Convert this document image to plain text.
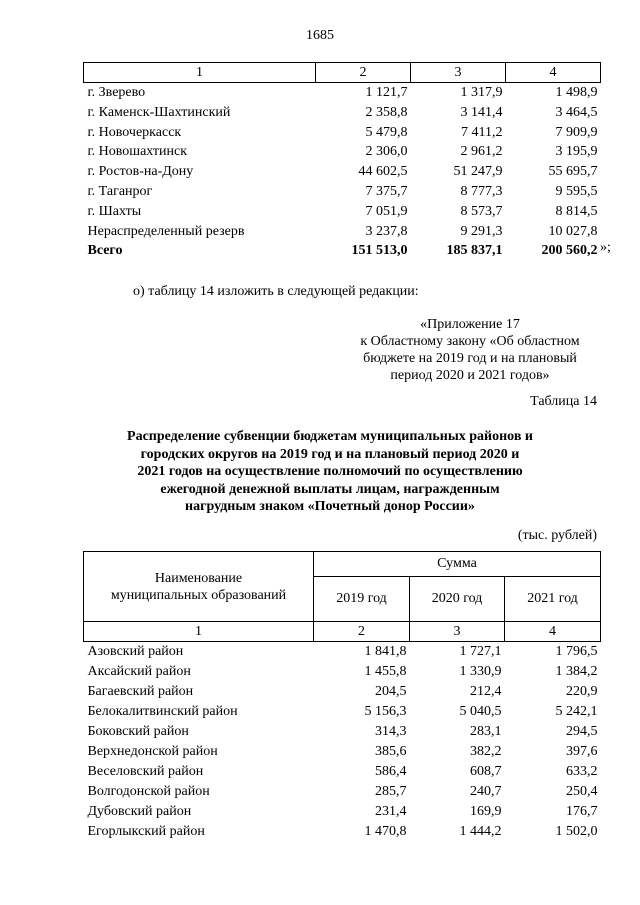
1685
1	2	3	4
г. Зверево	1 121,7	1 317,9	1 498,9
г. Каменск-Шахтинский	2 358,8	3 141,4	3 464,5
г. Новочеркасск	5 479,8	7 411,2	7 909,9
г. Новошахтинск	2 306,0	2 961,2	3 195,9
г. Ростов-на-Дону	44 602,5	51 247,9	55 695,7
г. Таганрог	7 375,7	8 777,3	9 595,5
г. Шахты	7 051,9	8 573,7	8 814,5
Нераспределенный резерв	3 237,8	9 291,3	10 027,8
Всего	151 513,0	185 837,1	200 560,2 »;
о) таблицу 14 изложить в следующей редакции:
«Приложение 17
к Областному закону «Об областном
бюджете на 2019 год и на плановый
период 2020 и 2021 годов»
Таблица 14
Распределение субвенции бюджетам муниципальных районов и
городских округов на 2019 год и на плановый период 2020 и
2021 годов на осуществление полномочий по осуществлению
ежегодной денежной выплаты лицам, награжденным
нагрудным знаком «Почетный донор России»
(тыс. рублей)
Наименование
муниципальных образований	Сумма		
	2019 год	2020 год	2021 год
1	2	3	4
Азовский район	1 841,8	1 727,1	1 796,5
Аксайский район	1 455,8	1 330,9	1 384,2
Багаевский район	204,5	212,4	220,9
Белокалитвинский район	5 156,3	5 040,5	5 242,1
Боковский район	314,3	283,1	294,5
Верхнедонской район	385,6	382,2	397,6
Веселовский район	586,4	608,7	633,2
Волгодонской район	285,7	240,7	250,4
Дубовский район	231,4	169,9	176,7
Егорлыкский район	1 470,8	1 444,2	1 502,0
